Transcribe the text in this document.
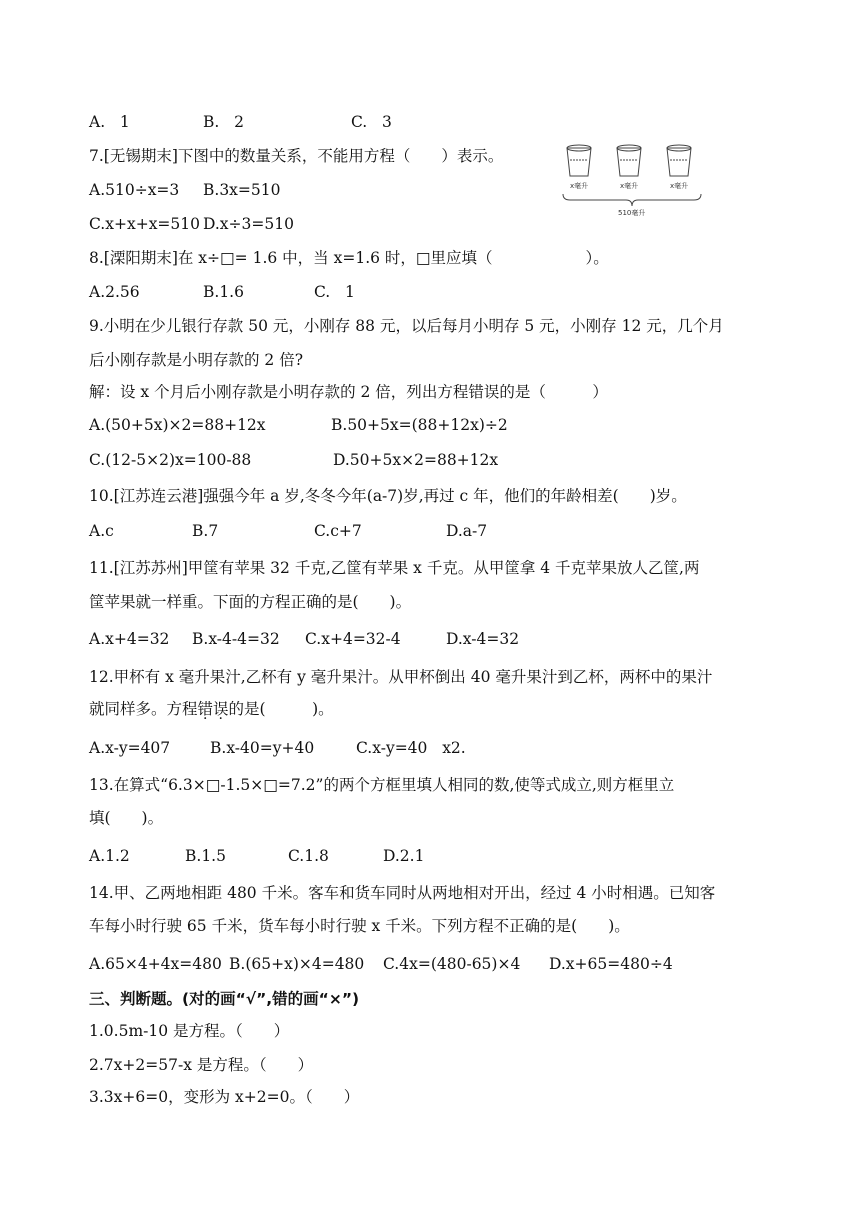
A.   1	B.   2	C.   3
7.[无锡期末]下图中的数量关系，不能用方程（　　）表示。
A.510÷x=3 B.3x=510
C.x+x+x=510 D.x÷3=510
x毫升	x毫升	x毫升
510毫升
8.[溧阳期末]在 x÷□= 1.6 中，当 x=1.6 时，□里应填（　　　　　　）。
A.2.56	B.1.6	C.   1
9.小明在少儿银行存款 50 元，小刚存 88 元，以后每月小明存 5 元，小刚存 12 元，几个月
后小刚存款是小明存款的 2 倍?
解：设 x 个月后小刚存款是小明存款的 2 倍，列出方程错误的是（　　　）
A.(50+5x)×2=88+12x	B.50+5x=(88+12x)÷2
C.(12-5×2)x=100-88	D.50+5x×2=88+12x
10.[江苏连云港]强强今年 a 岁,冬冬今年(a-7)岁,再过 c 年，他们的年龄相差(　　)岁。
A.c	B.7	C.c+7	D.a-7
11.[江苏苏州]甲筐有苹果 32 千克,乙筐有苹果 x 千克。从甲筐拿 4 千克苹果放人乙筐,两
筐苹果就一样重。下面的方程正确的是(　　)。
A.x+4=32 B.x-4-4=32 C.x+4=32-4	D.x-4=32
12.甲杯有 x 毫升果汁,乙杯有 y 毫升果汁。从甲杯倒出 40 毫升果汁到乙杯，两杯中的果汁
就同样多。方程错误的是(　　　)。
A.x-y=407	B.x-40=y+40	C.x-y=40   x2.
13.在算式“6.3×□-1.5×□=7.2”的两个方框里填人相同的数,使等式成立,则方框里立
填(　　)。
A.1.2	B.1.5	C.1.8	D.2.1
14.甲、乙两地相距 480 千米。客车和货车同时从两地相对开出，经过 4 小时相遇。已知客
车每小时行驶 65 千米，货车每小时行驶 x 千米。下列方程不正确的是(　　)。
A.65×4+4x=480 B.(65+x)×4=480 C.4x=(480-65)×4 D.x+65=480÷4
三、判断题。(对的画“√”,错的画“×”)
1.0.5m-10 是方程。（　　）
2.7x+2=57-x 是方程。（　　）
3.3x+6=0，变形为 x+2=0。（　　）
